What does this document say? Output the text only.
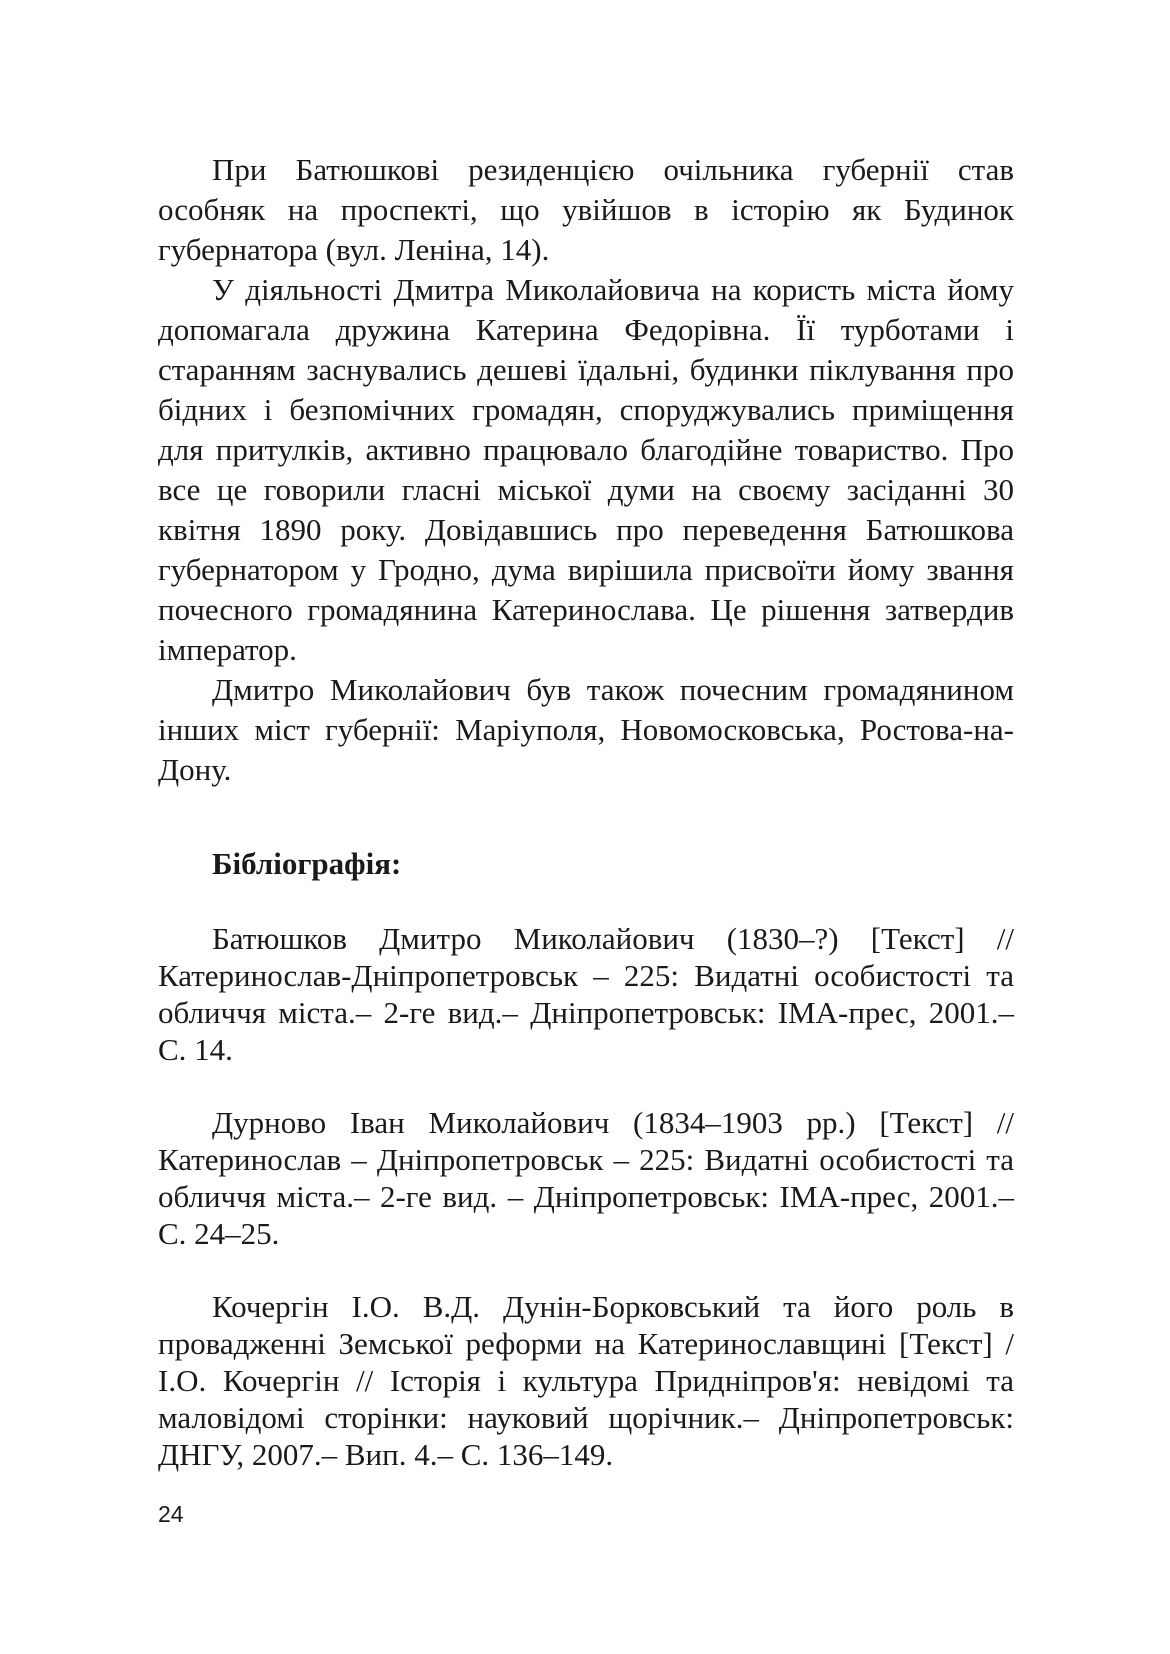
При Батюшкові резиденцією очільника губернії став особняк на проспекті, що увійшов в історію як Будинок губернатора (вул. Леніна, 14).

У діяльності Дмитра Миколайовича на користь міста йому допомагала дружина Катерина Федорівна. Її турботами і старанням заснувались дешеві їдальні, будинки піклування про бідних і безпомічних громадян, споруджувались приміщення для притулків, активно працювало благодійне товариство. Про все це говорили гласні міської думи на своєму засіданні 30 квітня 1890 року. Довідавшись про переведення Батюшкова губернатором у Гродно, дума вирішила присвоїти йому звання почесного громадянина Катеринослава. Це рішення затвердив імператор.

Дмитро Миколайович був також почесним громадянином інших міст губернії: Маріуполя, Новомосковська, Ростова-на-Дону.

Бібліографія:

Батюшков Дмитро Миколайович (1830–?) [Текст] // Катеринослав-Дніпропетровськ – 225: Видатні особистості та обличчя міста.– 2-ге вид.– Дніпропетровськ: ІМА-прес, 2001.– С. 14.

Дурново Іван Миколайович (1834–1903 рр.) [Текст] // Катеринослав – Дніпропетровськ – 225: Видатні особистості та обличчя міста.– 2-ге вид. – Дніпропетровськ: ІМА-прес, 2001.– С. 24–25.

Кочергін І.О. В.Д. Дунін-Борковський та його роль в провадженні Земської реформи на Катеринославщині [Текст] / І.О. Кочергін // Історія і культура Придніпров'я: невідомі та маловідомі сторінки: науковий щорічник.– Дніпропетровськ: ДНГУ, 2007.– Вип. 4.– С. 136–149.

24
